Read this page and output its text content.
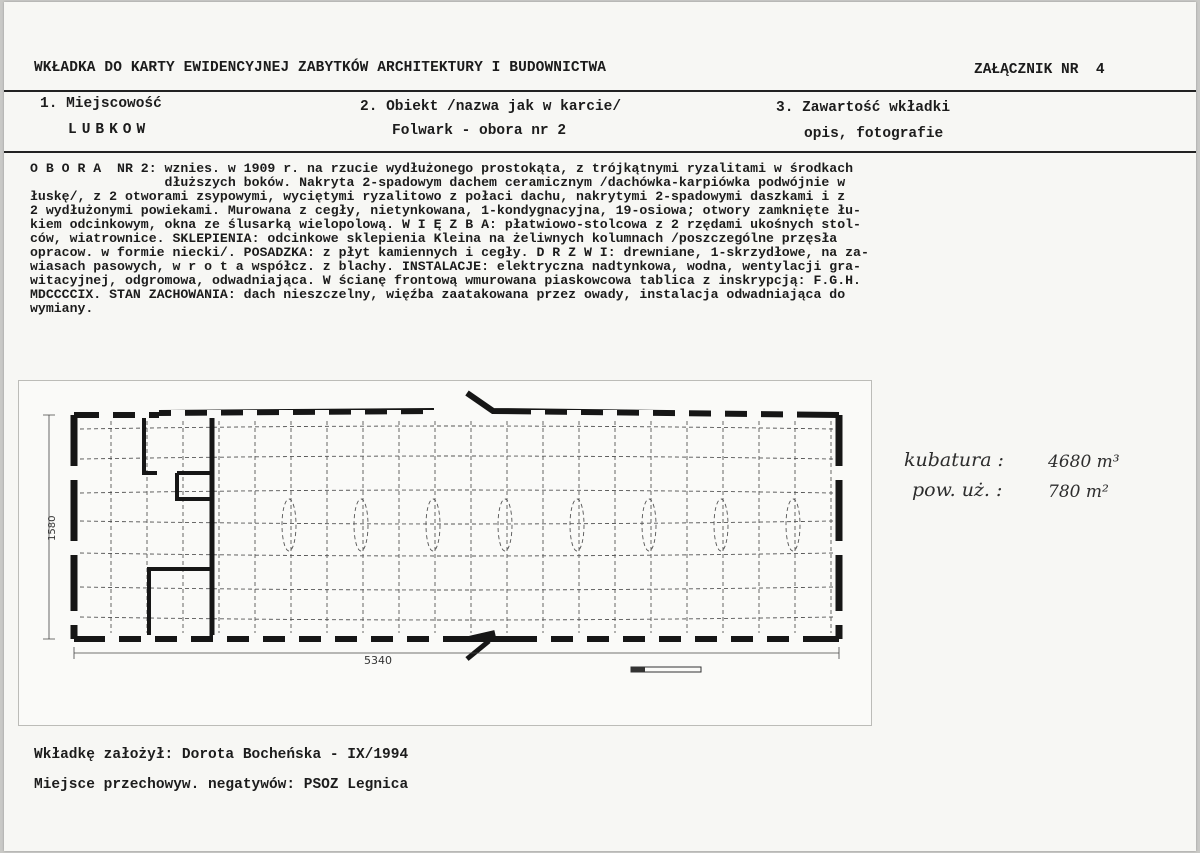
WKŁADKA DO KARTY EWIDENCYJNEJ ZABYTKÓW ARCHITEKTURY I BUDOWNICTWA	ZAŁĄCZNIK NR  4
1. Miejscowość
LUBKOW
2. Obiekt /nazwa jak w karcie/
Folwark - obora nr 2
3. Zawartość wkładki
opis, fotografie
O B O R A  NR 2: wznies. w 1909 r. na rzucie wydłużonego prostokąta, z trójkątnymi ryzalitami w środkach
dłuższych boków. Nakryta 2-spadowym dachem ceramicznym /dachówka-karpiówka podwójnie w
łuskę/, z 2 otworami zsypowymi, wyciętymi ryzalitowo z połaci dachu, nakrytymi 2-spadowymi daszkami i z
2 wydłużonymi powiekami. Murowana z cegły, nietynkowana, 1-kondygnacyjna, 19-osiowa; otwory zamknięte łu-
kiem odcinkowym, okna ze ślusarką wielopolową. W I Ę Z B A: płatwiowo-stolcowa z 2 rzędami ukośnych stol-
ców, wiatrownice. SKLEPIENIA: odcinkowe sklepienia Kleina na żeliwnych kolumnach /poszczególne przęsła
opracow. w formie niecki/. POSADZKA: z płyt kamiennych i cegły. D R Z W I: drewniane, 1-skrzydłowe, na za-
wiasach pasowych, w r o t a współcz. z blachy. INSTALACJE: elektryczna nadtynkowa, wodna, wentylacji gra-
witacyjnej, odgromowa, odwadniająca. W ścianę frontową wmurowana piaskowcowa tablica z inskrypcją: F.G.H.
MDCCCCIX. STAN ZACHOWANIA: dach nieszczelny, więźba zaatakowana przez owady, instalacja odwadniająca do
wymiany.
5340
1580
kubatura :	4680 m³
pow. uż. :	780 m²
Wkładkę założył: Dorota Bocheńska - IX/1994
Miejsce przechowyw. negatywów: PSOZ Legnica
